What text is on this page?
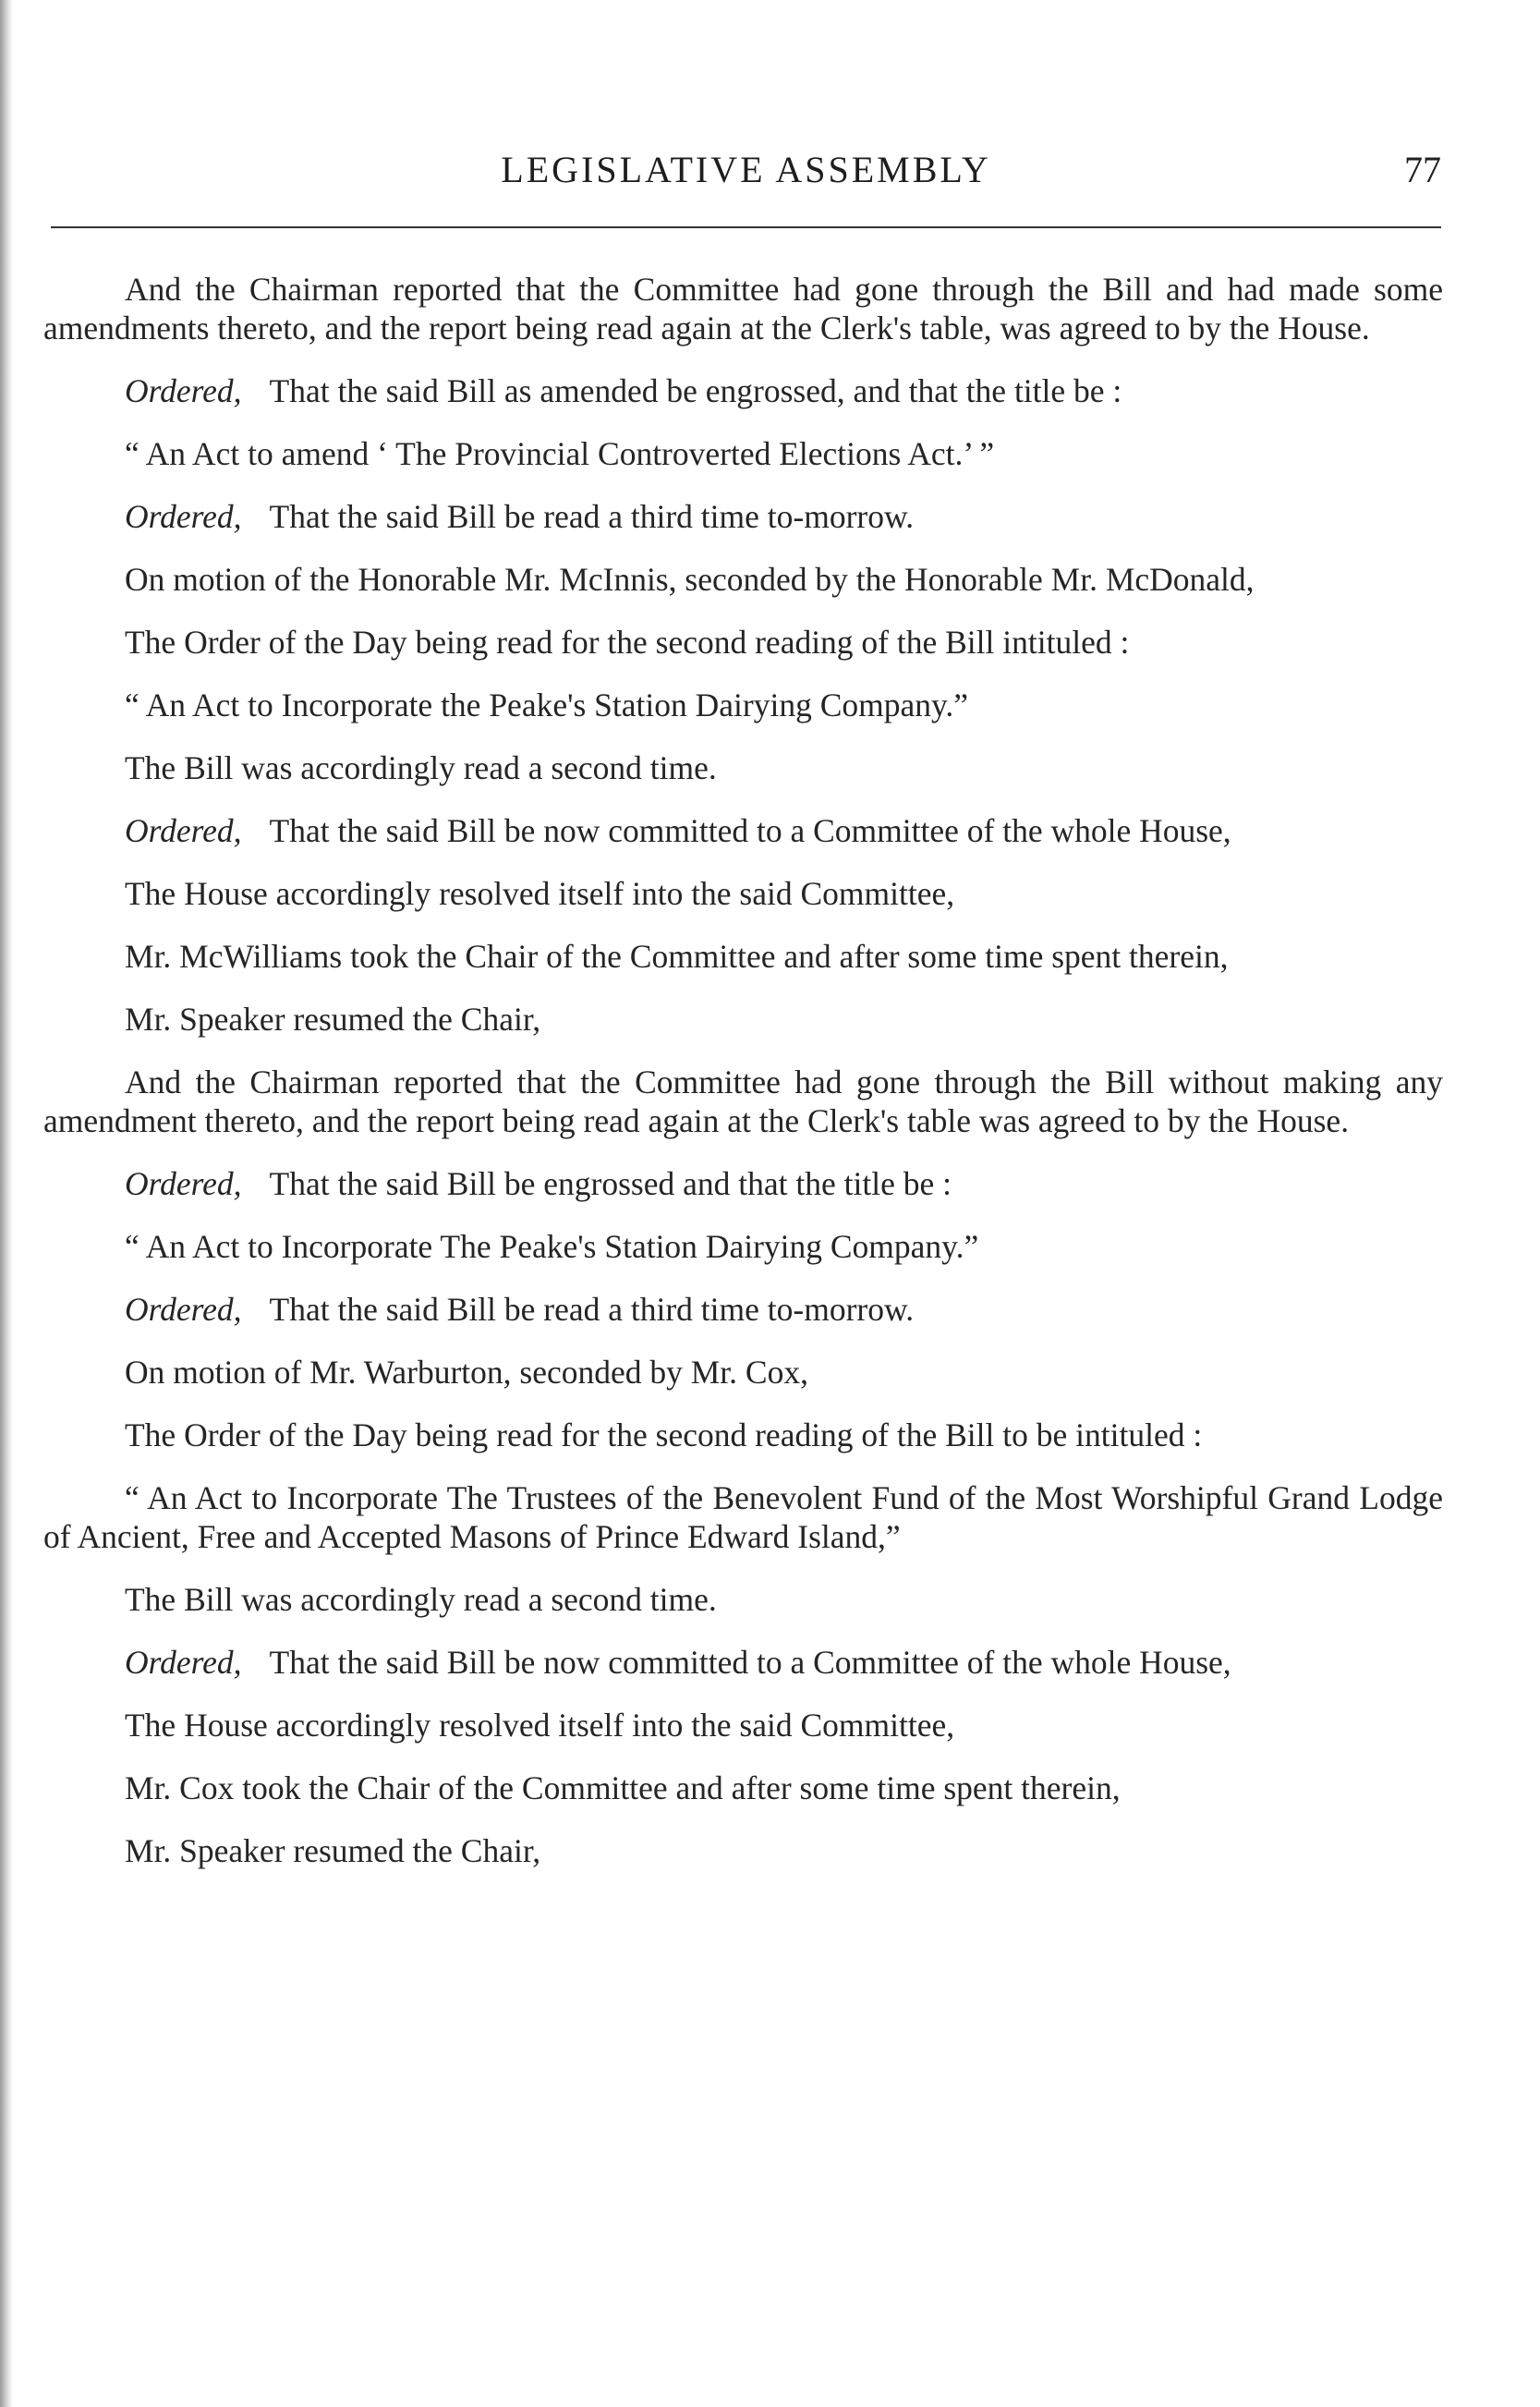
LEGISLATIVE ASSEMBLY	77

And the Chairman reported that the Committee had gone through the Bill and had made some amendments thereto, and the report being read again at the Clerk's table, was agreed to by the House.

Ordered, That the said Bill as amended be engrossed, and that the title be :

“ An Act to amend ‘ The Provincial Controverted Elections Act.’ ”

Ordered, That the said Bill be read a third time to-morrow.

On motion of the Honorable Mr. McInnis, seconded by the Honorable Mr. McDonald,

The Order of the Day being read for the second reading of the Bill intituled :

“ An Act to Incorporate the Peake's Station Dairying Company.”

The Bill was accordingly read a second time.

Ordered, That the said Bill be now committed to a Committee of the whole House,

The House accordingly resolved itself into the said Committee,

Mr. McWilliams took the Chair of the Committee and after some time spent therein,

Mr. Speaker resumed the Chair,

And the Chairman reported that the Committee had gone through the Bill without making any amendment thereto, and the report being read again at the Clerk's table was agreed to by the House.

Ordered, That the said Bill be engrossed and that the title be :

“ An Act to Incorporate The Peake's Station Dairying Company.”

Ordered, That the said Bill be read a third time to-morrow.

On motion of Mr. Warburton, seconded by Mr. Cox,

The Order of the Day being read for the second reading of the Bill to be intituled :

“ An Act to Incorporate The Trustees of the Benevolent Fund of the Most Worshipful Grand Lodge of Ancient, Free and Accepted Masons of Prince Edward Island,”

The Bill was accordingly read a second time.

Ordered, That the said Bill be now committed to a Committee of the whole House,

The House accordingly resolved itself into the said Committee,

Mr. Cox took the Chair of the Committee and after some time spent therein,

Mr. Speaker resumed the Chair,
